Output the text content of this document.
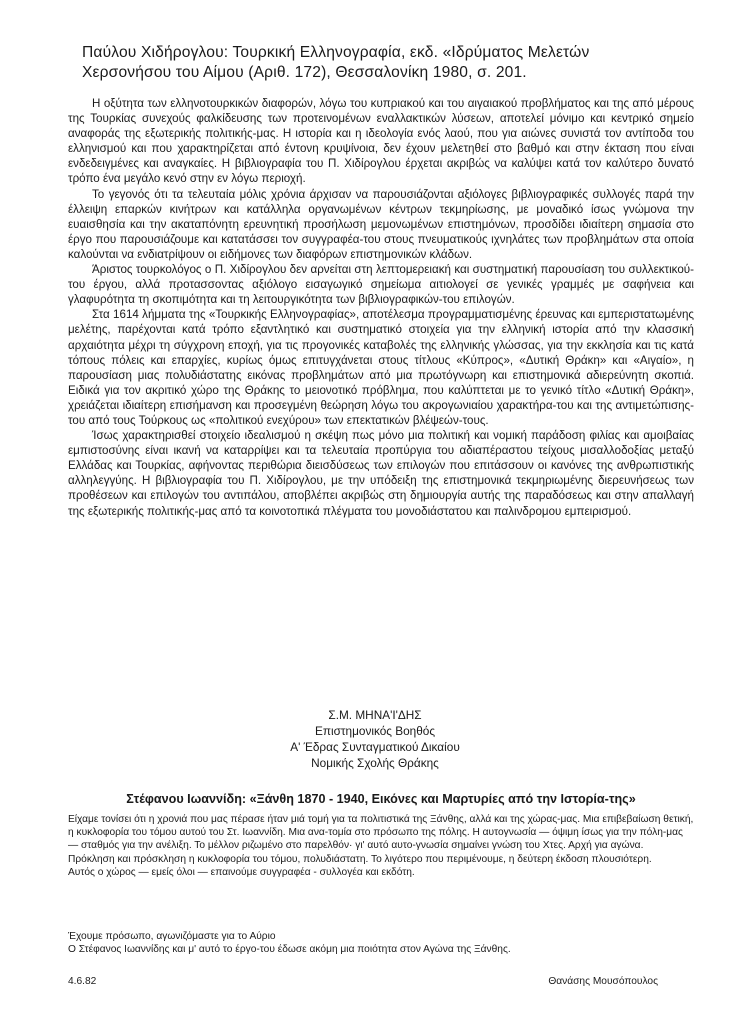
Παύλου Χιδήρογλου: Τουρκική Ελληνογραφία, εκδ. «Ιδρύματος Μελετών
Χερσονήσου του Αίμου (Αριθ. 172), Θεσσαλονίκη 1980, σ. 201.

Η οξύτητα των ελληνοτουρκικών διαφορών, λόγω του κυπριακού και του αιγαιακού προβλήματος και της από μέρους της Τουρκίας συνεχούς φαλκίδευσης των προτεινομένων εναλλακτικών λύσεων, αποτελεί μόνιμο και κεντρικό σημείο αναφοράς της εξωτερικής πολιτικής-μας. Η ιστορία και η ιδεολογία ενός λαού, που για αιώνες συνιστά τον αντίποδα του ελληνισμού και που χαρακτηρίζεται από έντονη κρυψίνοια, δεν έχουν μελετηθεί στο βαθμό και στην έκταση που είναι ενδεδειγμένες και αναγκαίες. Η βιβλιογραφία του Π. Χιδίρογλου έρχεται ακριβώς να καλύψει κατά τον καλύτερο δυνατό τρόπο ένα μεγάλο κενό στην εν λόγω περιοχή.

Το γεγονός ότι τα τελευταία μόλις χρόνια άρχισαν να παρουσιάζονται αξιόλογες βιβλιογραφικές συλλογές παρά την έλλειψη επαρκών κινήτρων και κατάλληλα οργανωμένων κέντρων τεκμηρίωσης, με μοναδικό ίσως γνώμονα την ευαισθησία και την ακαταπόνητη ερευνητική προσήλωση μεμονωμένων επιστημόνων, προσδίδει ιδιαίτερη σημασία στο έργο που παρουσιάζουμε και κατατάσσει τον συγγραφέα-του στους πνευματικούς ιχνηλάτες των προβλημάτων στα οποία καλούνται να ενδιατρίψουν οι ειδήμονες των διαφόρων επιστημονικών κλάδων.

Άριστος τουρκολόγος ο Π. Χιδίρογλου δεν αρνείται στη λεπτομερειακή και συστηματική παρουσίαση του συλλεκτικού-του έργου, αλλά προτασσοντας αξιόλογο εισαγωγικό σημείωμα αιτιολογεί σε γενικές γραμμές με σαφήνεια και γλαφυρότητα τη σκοπιμότητα και τη λειτουργικότητα των βιβλιογραφικών-του επιλογών.

Στα 1614 λήμματα της «Τουρκικής Ελληνογραφίας», αποτέλεσμα προγραμματισμένης έρευνας και εμπεριστατωμένης μελέτης, παρέχονται κατά τρόπο εξαντλητικό και συστηματικό στοιχεία για την ελληνική ιστορία από την κλασσική αρχαιότητα μέχρι τη σύγχρονη εποχή, για τις προγονικές καταβολές της ελληνικής γλώσσας, για την εκκλησία και τις κατά τόπους πόλεις και επαρχίες, κυρίως όμως επιτυγχάνεται στους τίτλους «Κύπρος», «Δυτική Θράκη» και «Αιγαίο», η παρουσίαση μιας πολυδιάστατης εικόνας προβλημάτων από μια πρωτόγνωρη και επιστημονικά αδιερεύνητη σκοπιά. Ειδικά για τον ακριτικό χώρο της Θράκης το μειονοτικό πρόβλημα, που καλύπτεται με το γενικό τίτλο «Δυτική Θράκη», χρειάζεται ιδιαίτερη επισήμανση και προσεγμένη θεώρηση λόγω του ακρογωνιαίου χαρακτήρα-του και της αντιμετώπισης-του από τους Τούρκους ως «πολιτικού ενεχύρου» των επεκτατικών βλέψεών-τους.

Ίσως χαρακτηρισθεί στοιχείο ιδεαλισμού η σκέψη πως μόνο μια πολιτική και νομική παράδοση φιλίας και αμοιβαίας εμπιστοσύνης είναι ικανή να καταρρίψει και τα τελευταία προπύργια του αδιαπέραστου τείχους μισαλλοδοξίας μεταξύ Ελλάδας και Τουρκίας, αφήνοντας περιθώρια διεισδύσεως των επιλογών που επιτάσσουν οι κανόνες της ανθρωπιστικής αλληλεγγύης. Η βιβλιογραφία του Π. Χιδίρογλου, με την υπόδειξη της επιστημονικά τεκμηριωμένης διερευνήσεως των προθέσεων και επιλογών του αντιπάλου, αποβλέπει ακριβώς στη δημιουργία αυτής της παραδόσεως και στην απαλλαγή της εξωτερικής πολιτικής-μας από τα κοινοτοπικά πλέγματα του μονοδιάστατου και παλινδρομου εμπειρισμού.

Σ.Μ. ΜΗΝΑ'Ι'ΔΗΣ
Επιστημονικός Βοηθός
Α' Έδρας Συνταγματικού Δικαίου
Νομικής Σχολής Θράκης
Στέφανου Ιωαννίδη: «Ξάνθη 1870 - 1940, Εικόνες και Μαρτυρίες από την Ιστορία-της»

Είχαμε τονίσει ότι η χρονιά που μας πέρασε ήταν μιά τομή για τα πολιτιστικά της Ξάνθης, αλλά και της χώρας-μας. Μια επιβεβαίωση θετική, η κυκλοφορία του τόμου αυτού του Στ. Ιωαννίδη. Μια ανα-τομία στο πρόσωπο της πόλης. Η αυτογνωσία — όψιμη ίσως για την πόλη-μας — σταθμός για την ανέλιξη. Το μέλλον ριζωμένο στο παρελθόν· γι' αυτό αυτο-γνωσία σημαίνει γνώση του Χτες. Αρχή για αγώνα.

Πρόκληση και πρόσκληση η κυκλοφορία του τόμου, πολυδιάστατη. Το λιγότερο που περιμένουμε, η δεύτερη έκδοση πλουσιότερη.

Αυτός ο χώρος — εμείς όλοι — επαινούμε συγγραφέα - συλλογέα και εκδότη.

Έχουμε πρόσωπο, αγωνιζόμαστε για το Αύριο
Ο Στέφανος Ιωαννίδης και μ' αυτό το έργο-του έδωσε ακόμη μια ποιότητα στον Αγώνα της Ξάνθης.
4.6.82	Θανάσης Μουσόπουλος
